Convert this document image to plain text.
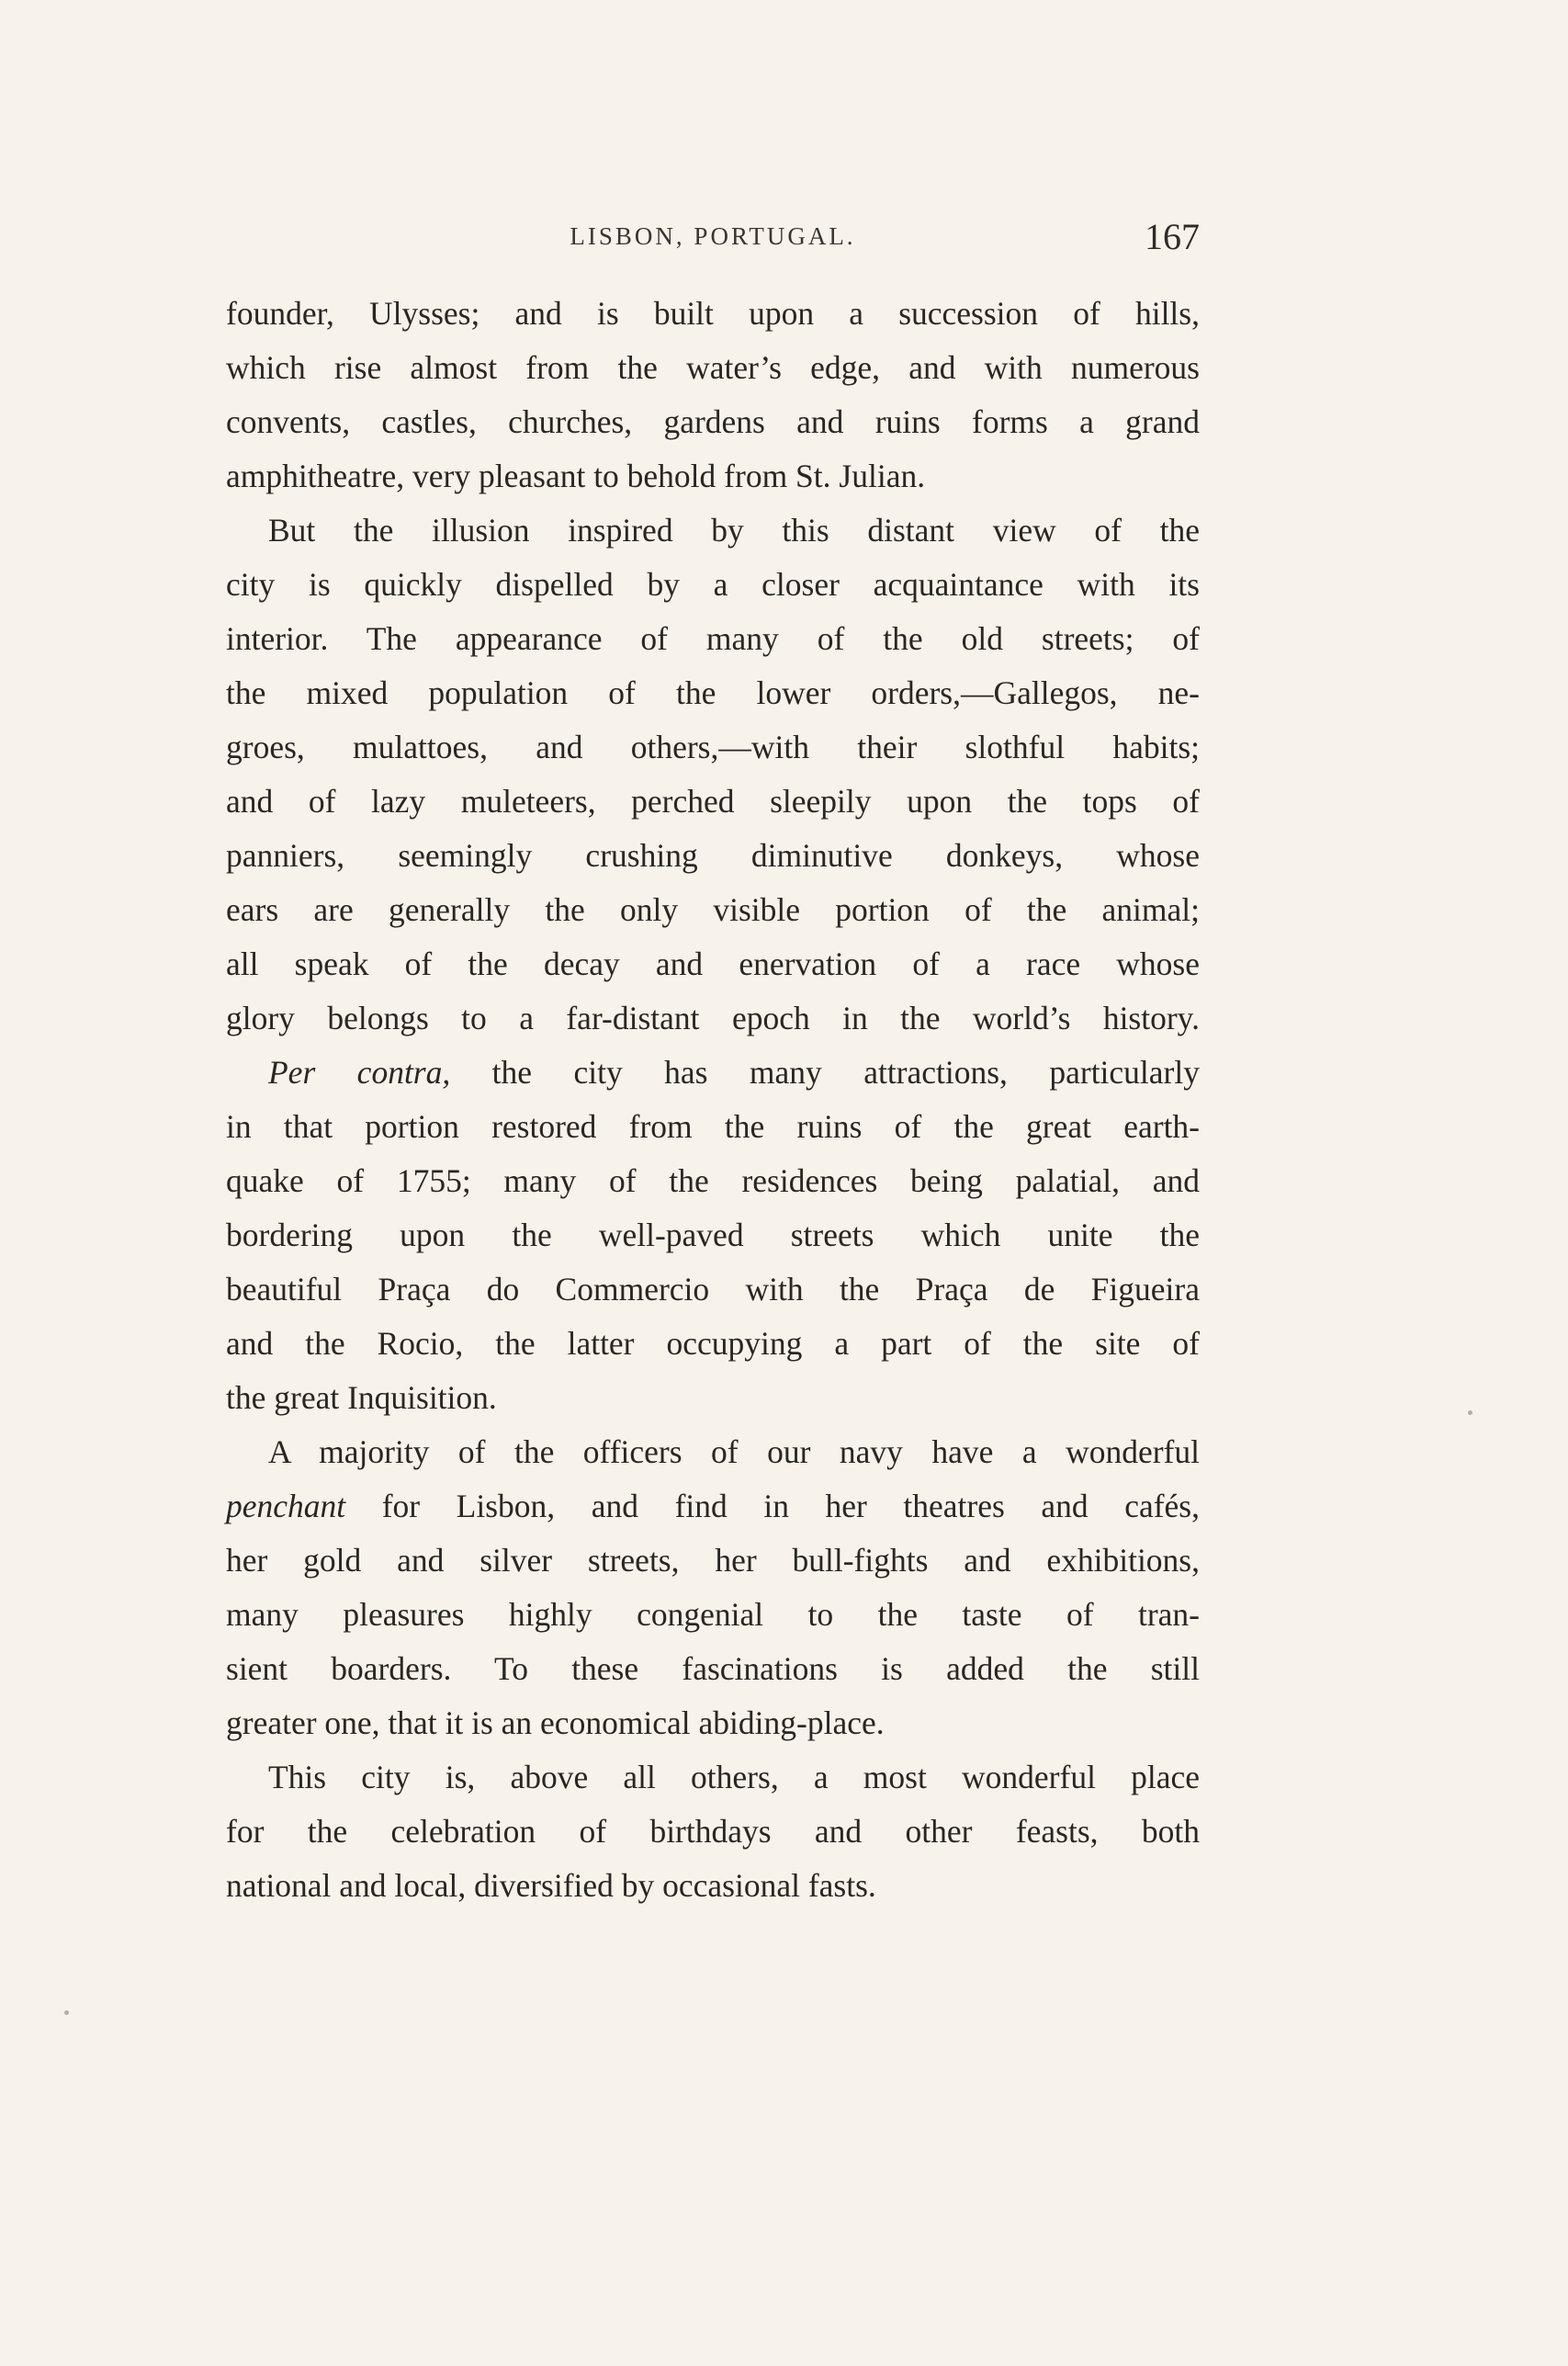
LISBON, PORTUGAL.	167

founder, Ulysses; and is built upon a succession of hills,
which rise almost from the water’s edge, and with numerous
convents, castles, churches, gardens and ruins forms a grand

amphitheatre, very pleasant to behold from St. Julian.

But the illusion inspired by this distant view of the

city is quickly dispelled by a closer acquaintance with its

interior. The appearance of many of the old streets; of

the mixed population of the lower orders,—Gallegos, ne-

groes, mulattoes, and others,—with their slothful habits;

and of lazy muleteers, perched sleepily upon the tops of

panniers, seemingly crushing diminutive donkeys, whose

ears are generally the only visible portion of the animal;

all speak of the decay and enervation of a race whose

glory belongs to a far-distant epoch in the world’s history.

Per contra, the city has many attractions, particularly

in that portion restored from the ruins of the great earth-

quake of 1755; many of the residences being palatial, and

bordering upon the well-paved streets which unite the

beautiful Praça do Commercio with the Praça de Figueira

and the Rocio, the latter occupying a part of the site of

the great Inquisition.

A majority of the officers of our navy have a wonderful

penchant for Lisbon, and find in her theatres and cafés,

her gold and silver streets, her bull-fights and exhibitions,

many pleasures highly congenial to the taste of tran-

sient boarders. To these fascinations is added the still

greater one, that it is an economical abiding-place.

This city is, above all others, a most wonderful place

for the celebration of birthdays and other feasts, both

national and local, diversified by occasional fasts.
